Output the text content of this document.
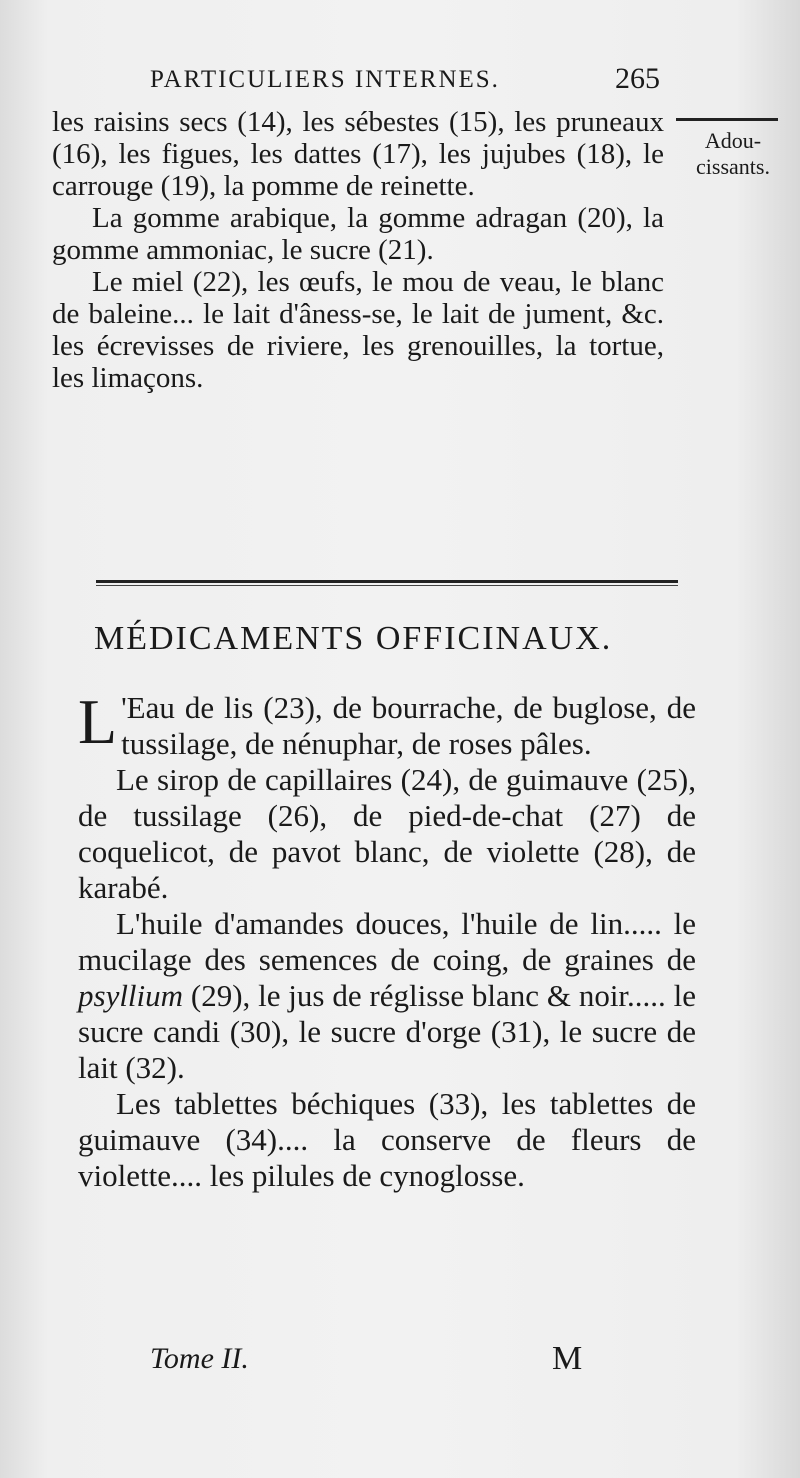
PARTICULIERS INTERNES.	265
Adou-
cissants.

les raisins secs (14), les sébestes (15), les pruneaux (16), les figues, les dattes (17), les jujubes (18), le carrouge (19), la pomme de reinette.

La gomme arabique, la gomme adragan (20), la gomme ammoniac, le sucre (21).

Le miel (22), les œufs, le mou de veau, le blanc de baleine... le lait d'âness-se, le lait de jument, &c. les écrevisses de riviere, les grenouilles, la tortue, les limaçons.

MÉDICAMENTS OFFICINAUX.

L 'Eau de lis (23), de bourrache, de buglose, de tussilage, de nénuphar, de roses pâles.

Le sirop de capillaires (24), de guimauve (25), de tussilage (26), de pied-de-chat (27) de coquelicot, de pavot blanc, de violette (28), de karabé.

L'huile d'amandes douces, l'huile de lin..... le mucilage des semences de coing, de graines de psyllium (29), le jus de réglisse blanc & noir..... le sucre candi (30), le sucre d'orge (31), le sucre de lait (32).

Les tablettes béchiques (33), les tablettes de guimauve (34).... la conserve de fleurs de violette.... les pilules de cynoglosse.

Tome II.	M
